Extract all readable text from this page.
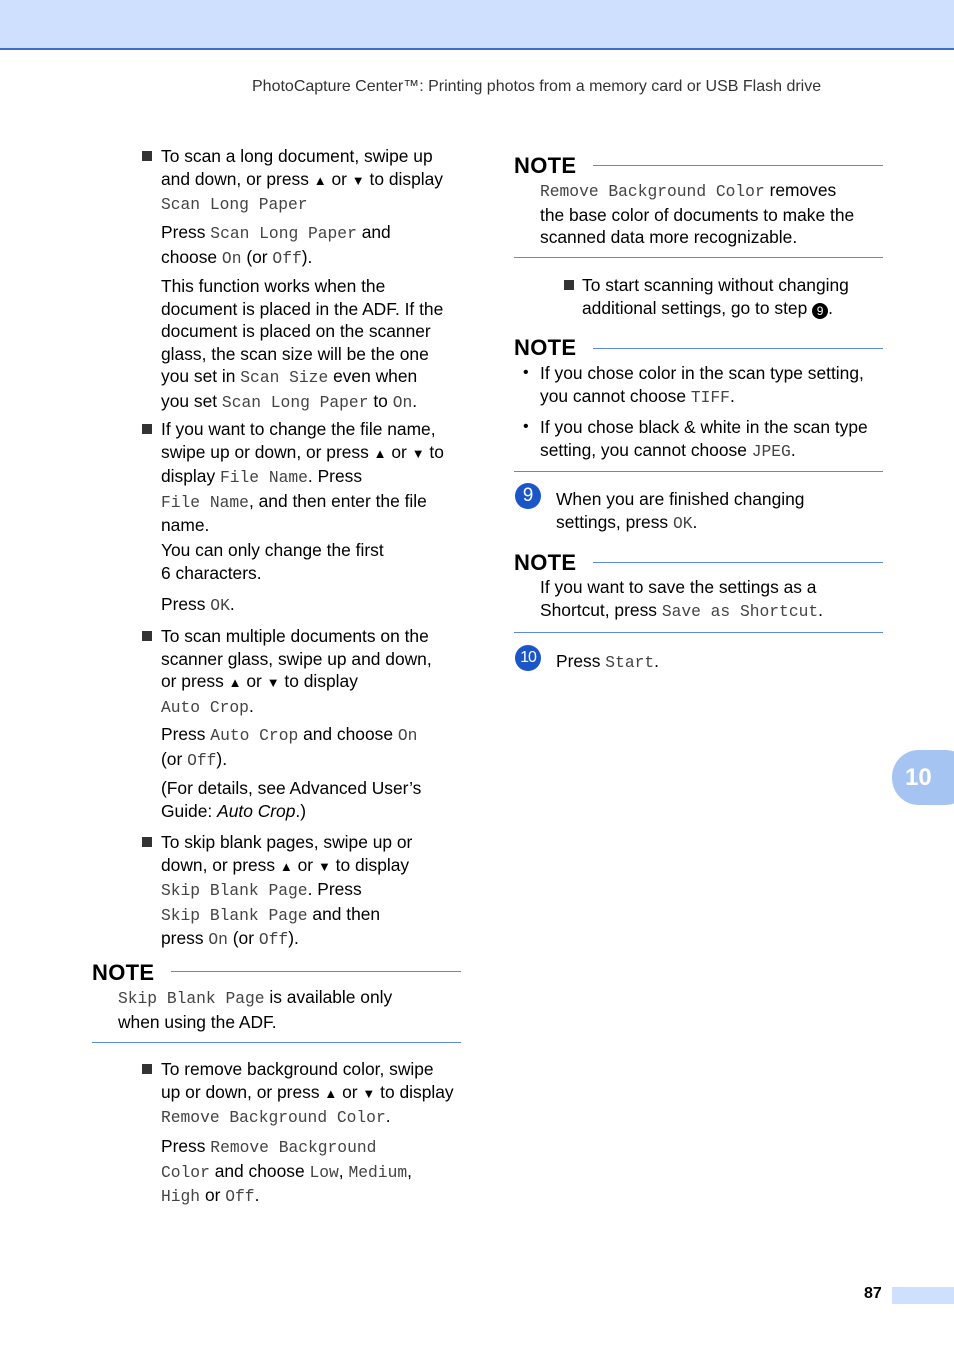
PhotoCapture Center™: Printing photos from a memory card or USB Flash drive

To scan a long document, swipe up
and down, or press ▲ or ▼ to display
Scan Long Paper

Press Scan Long Paper and
choose On (or Off).

This function works when the
document is placed in the ADF. If the
document is placed on the scanner
glass, the scan size will be the one
you set in Scan Size even when
you set Scan Long Paper to On.

If you want to change the file name,
swipe up or down, or press ▲ or ▼ to
display File Name. Press
File Name, and then enter the file
name.

You can only change the first
6 characters.

Press OK.

To scan multiple documents on the
scanner glass, swipe up and down,
or press ▲ or ▼ to display
Auto Crop.

Press Auto Crop and choose On
(or Off).

(For details, see Advanced User’s
Guide: Auto Crop.)

To skip blank pages, swipe up or
down, or press ▲ or ▼ to display
Skip Blank Page. Press
Skip Blank Page and then
press On (or Off).

NOTE

Skip Blank Page is available only
when using the ADF.

To remove background color, swipe
up or down, or press ▲ or ▼ to display
Remove Background Color.

Press Remove Background
Color and choose Low, Medium,
High or Off.

NOTE

Remove Background Color removes
the base color of documents to make the
scanned data more recognizable.

To start scanning without changing
additional settings, go to step 9 .

NOTE
• If you chose color in the scan type setting,
you cannot choose TIFF.

• If you chose black & white in the scan type
setting, you cannot choose JPEG.

9	When you are finished changing
settings, press OK.

NOTE

If you want to save the settings as a
Shortcut, press Save as Shortcut.

10 Press Start.

10
87
